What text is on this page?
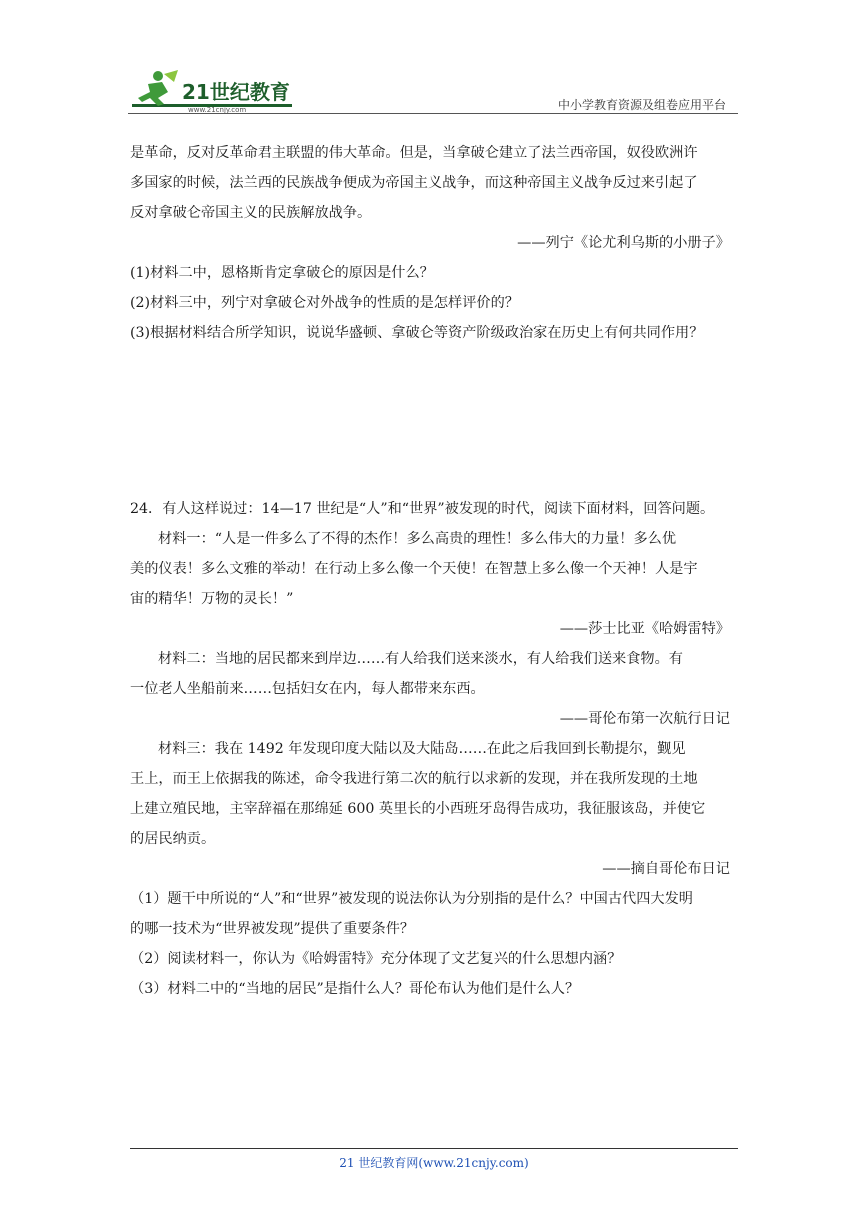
21世纪教育
www.21cnjy.com	中小学教育资源及组卷应用平台
是革命，反对反革命君主联盟的伟大革命。但是，当拿破仑建立了法兰西帝国，奴役欧洲许
多国家的时候，法兰西的民族战争便成为帝国主义战争，而这种帝国主义战争反过来引起了
反对拿破仑帝国主义的民族解放战争。
——列宁《论尤利乌斯的小册子》
(1)材料二中，恩格斯肯定拿破仑的原因是什么？
(2)材料三中，列宁对拿破仑对外战争的性质的是怎样评价的？
(3)根据材料结合所学知识，说说华盛顿、拿破仑等资产阶级政治家在历史上有何共同作用？
24．有人这样说过：14—17 世纪是“人”和“世界”被发现的时代，阅读下面材料，回答问题。
材料一：“人是一件多么了不得的杰作！多么高贵的理性！多么伟大的力量！多么优
美的仪表！多么文雅的举动！在行动上多么像一个天使！在智慧上多么像一个天神！人是宇
宙的精华！万物的灵长！”
——莎士比亚《哈姆雷特》
材料二：当地的居民都来到岸边……有人给我们送来淡水，有人给我们送来食物。有
一位老人坐船前来……包括妇女在内，每人都带来东西。
——哥伦布第一次航行日记
材料三：我在 1492 年发现印度大陆以及大陆岛……在此之后我回到长勒提尔，觐见
王上，而王上依据我的陈述，命令我进行第二次的航行以求新的发现，并在我所发现的土地
上建立殖民地，主宰辞福在那绵延 600 英里长的小西班牙岛得告成功，我征服该岛，并使它
的居民纳贡。
——摘自哥伦布日记
（1）题干中所说的“人”和“世界”被发现的说法你认为分别指的是什么？中国古代四大发明
的哪一技术为“世界被发现”提供了重要条件？
（2）阅读材料一，你认为《哈姆雷特》充分体现了文艺复兴的什么思想内涵？
（3）材料二中的“当地的居民”是指什么人？哥伦布认为他们是什么人？
21 世纪教育网(www.21cnjy.com)
